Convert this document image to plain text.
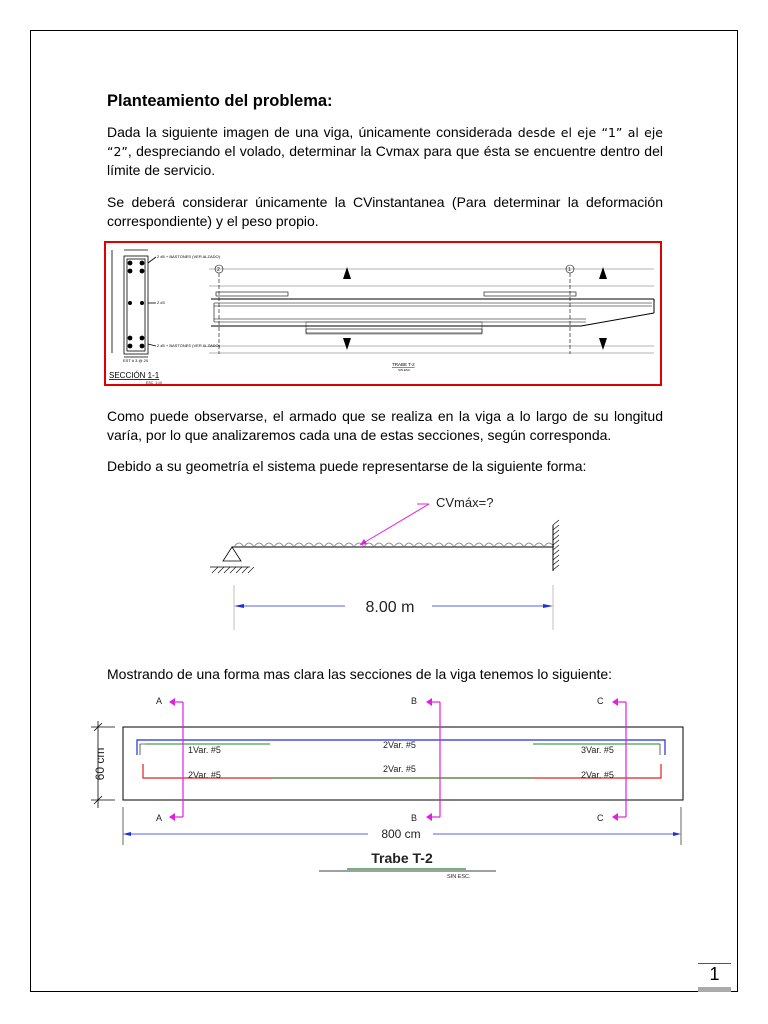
Planteamiento del problema:
Dada la siguiente imagen de una viga, únicamente considerada desde el eje “1” al eje “2”, despreciando el volado, determinar la Cvmax para que ésta se encuentre dentro del límite de servicio.
Se deberá considerar únicamente la CVinstantanea (Para determinar la deformación correspondiente) y el peso propio.
2 #5 + BASTONES (VER ALZADO)
2 #3
2 #5 + BASTONES (VER ALZADO)
EST # 3 @ 20
SECCIÓN 1-1
ESC. 1:10
2	1
TRABE T-2
SIN ESC.
Como puede observarse, el armado que se realiza en la viga a lo largo de su longitud varía, por lo que analizaremos cada una de estas secciones, según corresponda.
Debido a su geometría el sistema puede representarse de la siguiente forma:
CVmáx=?
8.00 m
Mostrando de una forma mas clara las secciones de la viga tenemos lo siguiente:
1Var. #5	2Var. #5	3Var. #5
2Var. #5
2Var. #5
2Var. #5
A
A
B
B
C
C
60 cm
800 cm
Trabe T-2
SIN ESC.
1
